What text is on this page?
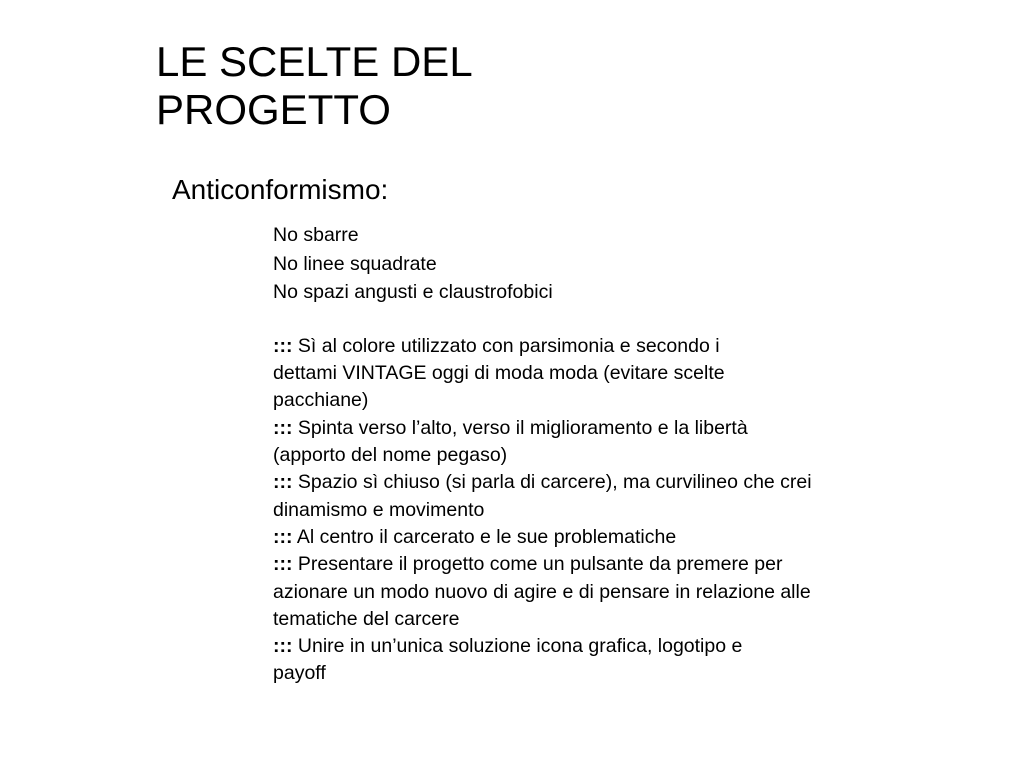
LE SCELTE DEL
PROGETTO
Anticonformismo:
No sbarre
No linee squadrate
No spazi angusti e claustrofobici

::: Sì al colore utilizzato con parsimonia e secondo i
dettami VINTAGE oggi di moda moda (evitare scelte
pacchiane)

::: Spinta verso l’alto, verso il miglioramento e la libertà
(apporto del nome pegaso)

::: Spazio sì chiuso (si parla di carcere), ma curvilineo che crei
dinamismo e movimento

::: Al centro il carcerato e le sue problematiche

::: Presentare il progetto come un pulsante da premere per
azionare un modo nuovo di agire e di pensare in relazione alle
tematiche del carcere

::: Unire in un’unica soluzione icona grafica, logotipo e
payoff
